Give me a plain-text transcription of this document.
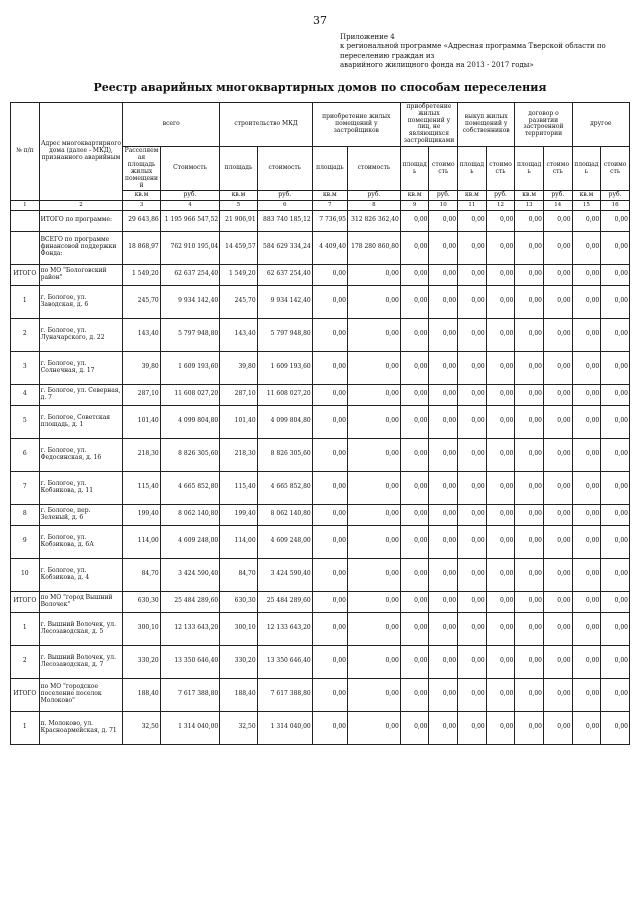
37
Приложение 4
к региональной программе «Адресная программа Тверской области по переселению граждан из
аварийного жилищного фонда на 2013 - 2017 годы»
Реестр аварийных многоквартирных домов по способам переселения
№ п/п	Адрес многоквартирного дома (далее - МКД), признанного аварийным	всего		строительство МКД		приобретение жилых помещений у застройщиков		приобретение жилых помещений у лиц, не являющихся застройщиками		выкуп жилых помещений у собственников		договор о развитии застроенной территории		другое	
		Расселяемая площадь жилых помещений	Стоимость	площадь	стоимость	площадь	стоимость	площадь	стоимость	площадь	стоимость	площадь	стоимость	площадь	стоимость
		кв.м	руб.	кв.м	руб.	кв.м	руб.	кв.м	руб.	кв.м	руб.	кв.м	руб.	кв.м	руб.
1	2	3	4	5	6	7	8	9	10	11	12	13	14	15	16
	ИТОГО по программе:	29 643,86	1 195 966 547,52	21 906,91	883 740 185,12	7 736,95	312 826 362,40	0,00	0,00	0,00	0,00	0,00	0,00	0,00	0,00
	ВСЕГО по программе финансовой поддержки Фонда:	18 868,97	762 910 195,04	14 459,57	584 629 334,24	4 409,40	178 280 860,80	0,00	0,00	0,00	0,00	0,00	0,00	0,00	0,00
ИТОГО	по МО "Бологовский район"	1 549,20	62 637 254,40	1 549,20	62 637 254,40	0,00	0,00	0,00	0,00	0,00	0,00	0,00	0,00	0,00	0,00
1	г. Бологое, ул. Заводская, д. 6	245,70	9 934 142,40	245,70	9 934 142,40	0,00	0,00	0,00	0,00	0,00	0,00	0,00	0,00	0,00	0,00
2	г. Бологое, ул. Луначарского, д. 22	143,40	5 797 948,80	143,40	5 797 948,80	0,00	0,00	0,00	0,00	0,00	0,00	0,00	0,00	0,00	0,00
3	г. Бологое, ул. Солнечная, д. 17	39,80	1 609 193,60	39,80	1 609 193,60	0,00	0,00	0,00	0,00	0,00	0,00	0,00	0,00	0,00	0,00
4	г. Бологое, ул. Северная, д. 7	287,10	11 608 027,20	287,10	11 608 027,20	0,00	0,00	0,00	0,00	0,00	0,00	0,00	0,00	0,00	0,00
5	г. Бологое, Советская площадь, д. 1	101,40	4 099 804,80	101,40	4 099 804,80	0,00	0,00	0,00	0,00	0,00	0,00	0,00	0,00	0,00	0,00
6	г. Бологое, ул. Федосинская, д. 16	218,30	8 826 305,60	218,30	8 826 305,60	0,00	0,00	0,00	0,00	0,00	0,00	0,00	0,00	0,00	0,00
7	г. Бологое, ул. Кобзикова, д. 11	115,40	4 665 852,80	115,40	4 665 852,80	0,00	0,00	0,00	0,00	0,00	0,00	0,00	0,00	0,00	0,00
8	г. Бологое, пер. Зеленый, д. 6	199,40	8 062 140,80	199,40	8 062 140,80	0,00	0,00	0,00	0,00	0,00	0,00	0,00	0,00	0,00	0,00
9	г. Бологое, ул. Кобзикова, д. 6А	114,00	4 609 248,00	114,00	4 609 248,00	0,00	0,00	0,00	0,00	0,00	0,00	0,00	0,00	0,00	0,00
10	г. Бологое, ул. Кобзикова, д. 4	84,70	3 424 590,40	84,70	3 424 590,40	0,00	0,00	0,00	0,00	0,00	0,00	0,00	0,00	0,00	0,00
ИТОГО	по МО "город Вышний Волочек"	630,30	25 484 289,60	630,30	25 484 289,60	0,00	0,00	0,00	0,00	0,00	0,00	0,00	0,00	0,00	0,00
1	г. Вышний Волочек, ул. Лесозаводская, д. 5	300,10	12 133 643,20	300,10	12 133 643,20	0,00	0,00	0,00	0,00	0,00	0,00	0,00	0,00	0,00	0,00
2	г. Вышний Волочек, ул. Лесозаводская, д. 7	330,20	13 350 646,40	330,20	13 350 646,40	0,00	0,00	0,00	0,00	0,00	0,00	0,00	0,00	0,00	0,00
ИТОГО	по МО "городское поселение поселок Молоково"	188,40	7 617 388,80	188,40	7 617 388,80	0,00	0,00	0,00	0,00	0,00	0,00	0,00	0,00	0,00	0,00
1	п. Молоково, ул. Красноармейская, д. 71	32,50	1 314 040,00	32,50	1 314 040,00	0,00	0,00	0,00	0,00	0,00	0,00	0,00	0,00	0,00	0,00
